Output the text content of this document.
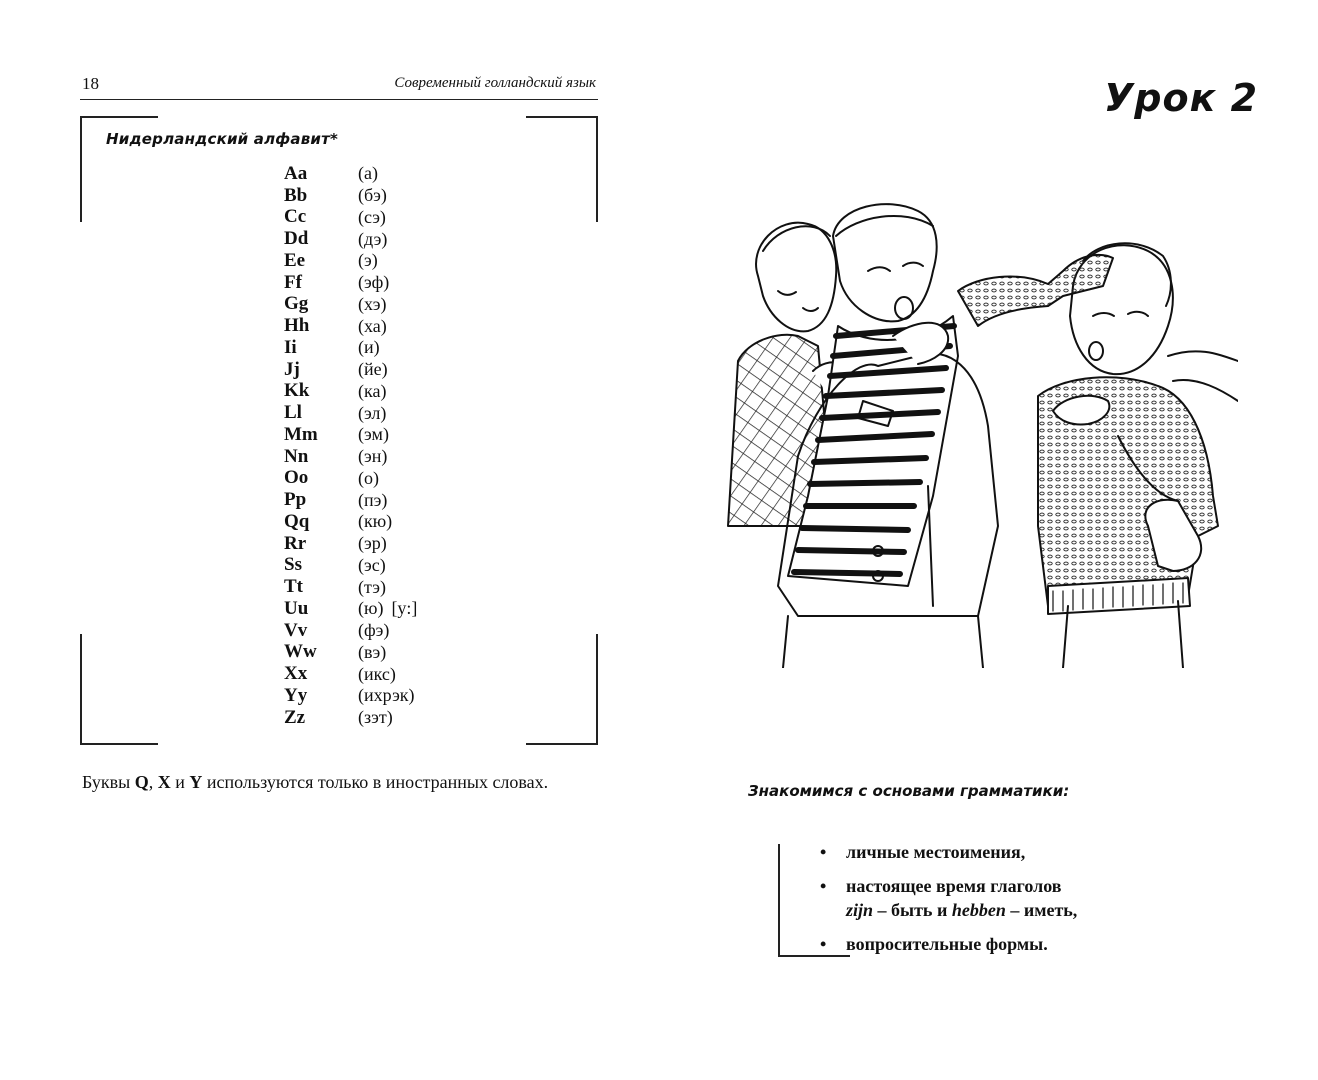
18	Современный голландский язык
Нидерландский алфавит*
Aa	(а)
Bb	(бэ)
Cc	(сэ)
Dd	(дэ)
Ee	(э)
Ff	(эф)
Gg	(хэ)
Hh	(ха)
Ii	(и)
Jj	(йе)
Kk	(ка)
Ll	(эл)
Mm	(эм)
Nn	(эн)
Oo	(о)
Pp	(пэ)
Qq	(кю)
Rr	(эр)
Ss	(эс)
Tt	(тэ)
Uu	(ю) [y:]
Vv	(фэ)
Ww	(вэ)
Xx	(икс)
Yy	(ихрэк)
Zz	(зэт)

Буквы Q, X и Y используются только в иностранных словах.

Урок 2
Знакомимся с основами грамматики:
• личные местоимения,
• настоящее время глаголов
zijn – быть и hebben – иметь,
• вопросительные формы.
